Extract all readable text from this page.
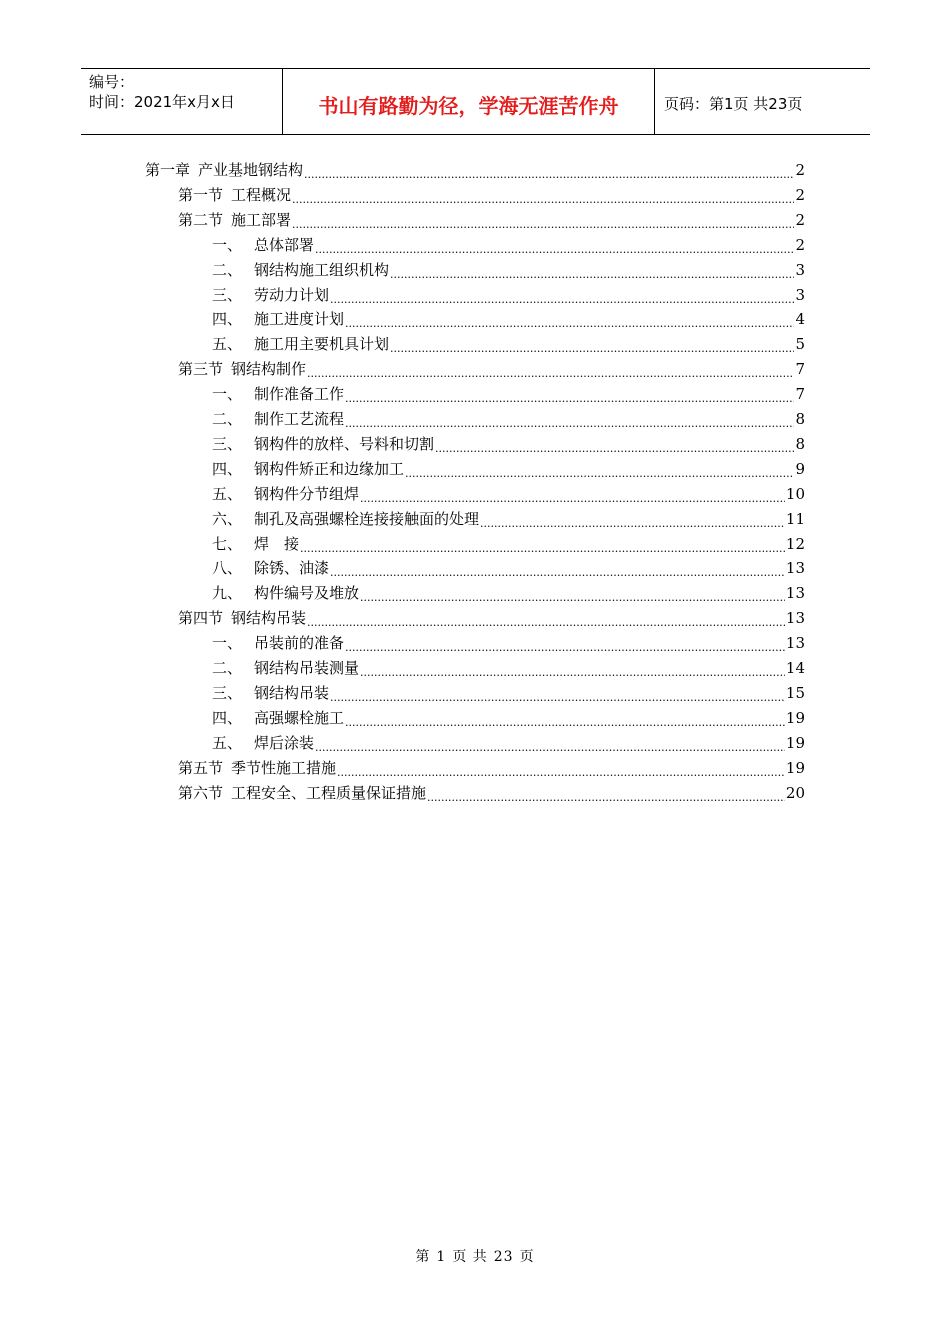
编号：
时间：2021年x月x日	书山有路勤为径，学海无涯苦作舟	页码：第1页 共23页
第一章 产业基地钢结构 .....	2
第一节 工程概况 .....	2
第二节 施工部署 .....	2
一、 总体部署 .....	2
二、 钢结构施工组织机构 .....	3
三、 劳动力计划 .....	3
四、 施工进度计划 .....	4
五、 施工用主要机具计划 .....	5
第三节 钢结构制作 .....	7
一、 制作准备工作 .....	7
二、 制作工艺流程 .....	8
三、 钢构件的放样、号料和切割 .....	8
四、 钢构件矫正和边缘加工 .....	9
五、 钢构件分节组焊 .....	10
六、 制孔及高强螺栓连接接触面的处理 .....	11
七、 焊　接 .....	12
八、 除锈、油漆 .....	13
九、 构件编号及堆放 .....	13
第四节 钢结构吊装 .....	13
一、 吊装前的准备 .....	13
二、 钢结构吊装测量 .....	14
三、 钢结构吊装 .....	15
四、 高强螺栓施工 .....	19
五、 焊后涂装 .....	19
第五节 季节性施工措施 .....	19
第六节 工程安全、工程质量保证措施 .....	20
第 1 页 共 23 页
